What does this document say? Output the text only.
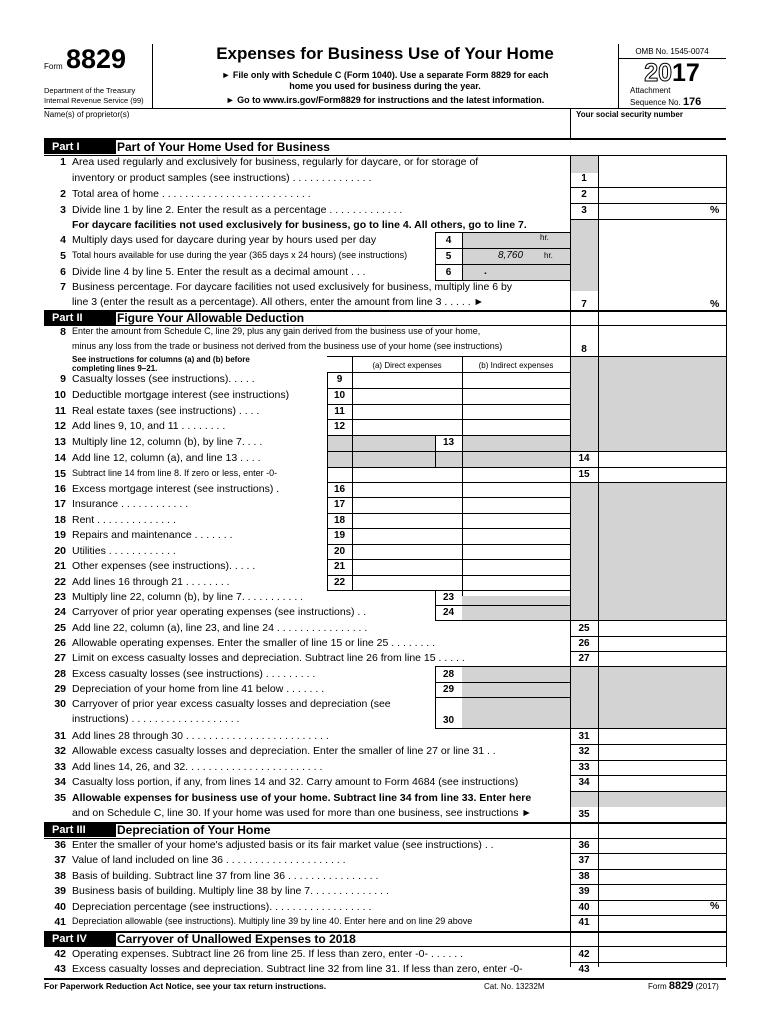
Form 8829
Department of the Treasury
Internal Revenue Service (99)
Expenses for Business Use of Your Home
► File only with Schedule C (Form 1040). Use a separate Form 8829 for each
home you used for business during the year.
► Go to www.irs.gov/Form8829 for instructions and the latest information.
OMB No. 1545-0074
2017
Attachment
Sequence No. 176
Name(s) of proprietor(s)	Your social security number
Part I	Part of Your Home Used for Business
1 Area used regularly and exclusively for business, regularly for daycare, or for storage of
inventory or product samples (see instructions) . . . . . . . . . . . . . .	1
2 Total area of home . . . . . . . . . . . . . . . . . . . . . . . . . .	2
3 Divide line 1 by line 2. Enter the result as a percentage . . . . . . . . . . . . .	3	%
For daycare facilities not used exclusively for business, go to line 4. All others, go to line 7.
4 Multiply days used for daycare during year by hours used per day	4	hr.
5 Total hours available for use during the year (365 days x 24 hours) (see instructions)	5	8,760	hr.
6 Divide line 4 by line 5. Enter the result as a decimal amount . . .	6	.
7 Business percentage. For daycare facilities not used exclusively for business, multiply line 6 by
line 3 (enter the result as a percentage). All others, enter the amount from line 3 . . . . . ►	7	%
Part II	Figure Your Allowable Deduction
8 Enter the amount from Schedule C, line 29, plus any gain derived from the business use of your home,
minus any loss from the trade or business not derived from the business use of your home (see instructions)	8
See instructions for columns (a) and (b) before
completing lines 9–21.	(a) Direct expenses	(b) Indirect expenses
9 Casualty losses (see instructions). . . . .	9
10 Deductible mortgage interest (see instructions)	10
11 Real estate taxes (see instructions) . . . .	11
12 Add lines 9, 10, and 11 . . . . . . . .	12
13 Multiply line 12, column (b), by line 7. . . .	13
14 Add line 12, column (a), and line 13 . . . .	14
15 Subtract line 14 from line 8. If zero or less, enter -0-	15
16 Excess mortgage interest (see instructions) .	16
17 Insurance . . . . . . . . . . . .	17
18 Rent . . . . . . . . . . . . . .	18
19 Repairs and maintenance . . . . . . .	19
20 Utilities . . . . . . . . . . . .	20
21 Other expenses (see instructions). . . . .	21
22 Add lines 16 through 21 . . . . . . . .	22
23 Multiply line 22, column (b), by line 7. . . . . . . . . . .	23
24 Carryover of prior year operating expenses (see instructions) . .	24
25 Add line 22, column (a), line 23, and line 24 . . . . . . . . . . . . . . . .	25
26 Allowable operating expenses. Enter the smaller of line 15 or line 25 . . . . . . . .	26
27 Limit on excess casualty losses and depreciation. Subtract line 26 from line 15 . . . . .	27
28 Excess casualty losses (see instructions) . . . . . . . . .	28
29 Depreciation of your home from line 41 below . . . . . . .	29
30 Carryover of prior year excess casualty losses and depreciation (see
instructions) . . . . . . . . . . . . . . . . . . .	30
31 Add lines 28 through 30 . . . . . . . . . . . . . . . . . . . . . . . . .	31
32 Allowable excess casualty losses and depreciation. Enter the smaller of line 27 or line 31 . .	32
33 Add lines 14, 26, and 32. . . . . . . . . . . . . . . . . . . . . . . .	33
34 Casualty loss portion, if any, from lines 14 and 32. Carry amount to Form 4684 (see instructions)	34
35 Allowable expenses for business use of your home. Subtract line 34 from line 33. Enter here
and on Schedule C, line 30. If your home was used for more than one business, see instructions ►	35
Part III	Depreciation of Your Home
36 Enter the smaller of your home's adjusted basis or its fair market value (see instructions) . .	36
37 Value of land included on line 36 . . . . . . . . . . . . . . . . . . . . .	37
38 Basis of building. Subtract line 37 from line 36 . . . . . . . . . . . . . . . .	38
39 Business basis of building. Multiply line 38 by line 7. . . . . . . . . . . . . .	39
40 Depreciation percentage (see instructions). . . . . . . . . . . . . . . . . .	40	%
41 Depreciation allowable (see instructions). Multiply line 39 by line 40. Enter here and on line 29 above	41
Part IV	Carryover of Unallowed Expenses to 2018
42 Operating expenses. Subtract line 26 from line 25. If less than zero, enter -0- . . . . . .	42
43 Excess casualty losses and depreciation. Subtract line 32 from line 31. If less than zero, enter -0-	43
For Paperwork Reduction Act Notice, see your tax return instructions.	Cat. No. 13232M	Form 8829 (2017)
